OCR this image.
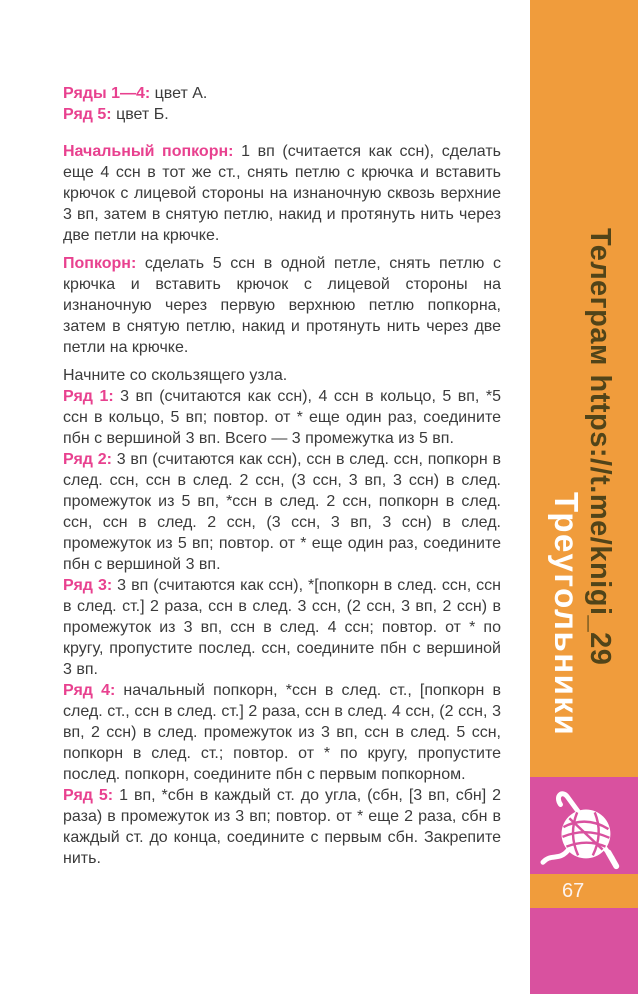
Ряды 1—4: цвет А.

Ряд 5: цвет Б.

Начальный попкорн: 1 вп (считается как ссн), сделать еще 4 ссн в тот же ст., снять петлю с крючка и вставить крючок с лицевой стороны на изнаночную сквозь верхние 3 вп, затем в снятую петлю, накид и протянуть нить через две петли на крючке.

Попкорн: сделать 5 ссн в одной петле, снять петлю с крючка и вставить крючок с лицевой стороны на изнаночную через первую верхнюю петлю попкорна, затем в снятую петлю, накид и протянуть нить через две петли на крючке.

Начните со скользящего узла.

Ряд 1: 3 вп (считаются как ссн), 4 ссн в кольцо, 5 вп, *5 ссн в кольцо, 5 вп; повтор. от * еще один раз, соедините пбн с вершиной 3 вп. Всего — 3 промежутка из 5 вп.

Ряд 2: 3 вп (считаются как ссн), ссн в след. ссн, попкорн в след. ссн, ссн в след. 2 ссн, (3 ссн, 3 вп, 3 ссн) в след. промежуток из 5 вп, *ссн в след. 2 ссн, попкорн в след. ссн, ссн в след. 2 ссн, (3 ссн, 3 вп, 3 ссн) в след. промежуток из 5 вп; повтор. от * еще один раз, соедините пбн с вершиной 3 вп.

Ряд 3: 3 вп (считаются как ссн), *[попкорн в след. ссн, ссн в след. ст.] 2 раза, ссн в след. 3 ссн, (2 ссн, 3 вп, 2 ссн) в промежуток из 3 вп, ссн в след. 4 ссн; повтор. от * по кругу, пропустите послед. ссн, соедините пбн с вершиной 3 вп.

Ряд 4: начальный попкорн, *ссн в след. ст., [попкорн в след. ст., ссн в след. ст.] 2 раза, ссн в след. 4 ссн, (2 ссн, 3 вп, 2 ссн) в след. промежуток из 3 вп, ссн в след. 5 ссн, попкорн в след. ст.; повтор. от * по кругу, пропустите послед. попкорн, соедините пбн с первым попкорном.

Ряд 5: 1 вп, *сбн в каждый ст. до угла, (сбн, [3 вп, сбн] 2 раза) в промежуток из 3 вп; повтор. от * еще 2 раза, сбн в каждый ст. до конца, соедините с первым сбн. Закрепите нить.

Телеграм https://t.me/knigi_29
Треугольники
67
